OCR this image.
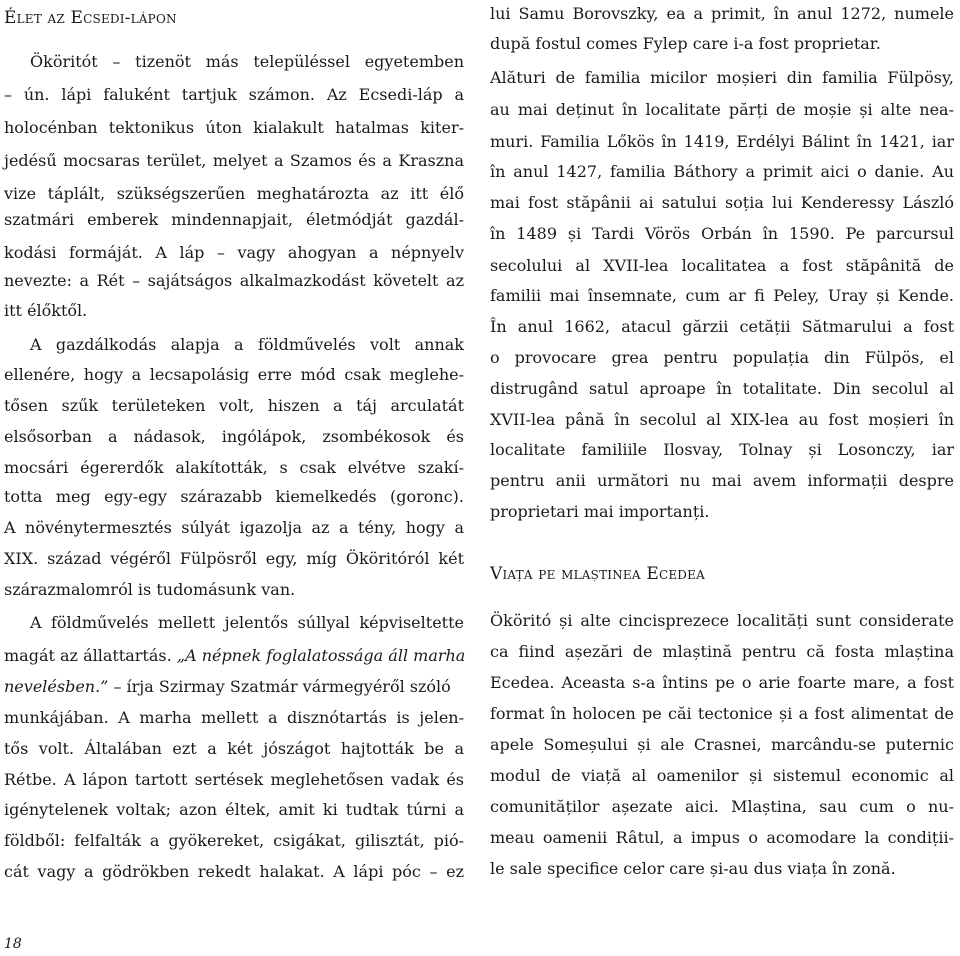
Élet az Ecsedi-lápon
Ököritót – tizenöt más településsel egyetemben
– ún. lápi faluként tartjuk számon. Az Ecsedi-láp a
holocénban tektonikus úton kialakult hatalmas kiter-
jedésű mocsaras terület, melyet a Szamos és a Kraszna
vize táplált, szükségszerűen meghatározta az itt élő
szatmári emberek mindennapjait, életmódját gazdál-
kodási formáját. A láp – vagy ahogyan a népnyelv
nevezte: a Rét – sajátságos alkalmazkodást követelt az
itt élőktől.
A gazdálkodás alapja a földművelés volt annak
ellenére, hogy a lecsapolásig erre mód csak meglehe-
tősen szűk területeken volt, hiszen a táj arculatát
elsősorban a nádasok, ingólápok, zsombékosok és
mocsári égererdők alakították, s csak elvétve szakí-
totta meg egy-egy szárazabb kiemelkedés (goronc).
A növénytermesztés súlyát igazolja az a tény, hogy a
XIX. század végéről Fülpösről egy, míg Ököritóról két
szárazmalomról is tudomásunk van.
A földművelés mellett jelentős súllyal képviseltette
magát az állattartás. „A népnek foglalatossága áll marha
nevelésben.” – írja Szirmay Szatmár vármegyéről szóló
munkájában. A marha mellett a disznótartás is jelen-
tős volt. Általában ezt a két jószágot hajtották be a
Rétbe. A lápon tartott sertések meglehetősen vadak és
igénytelenek voltak; azon éltek, amit ki tudtak túrni a
földből: felfalták a gyökereket, csigákat, gilisztát, pió-
cát vagy a gödrökben rekedt halakat. A lápi póc – ez
lui Samu Borovszky, ea a primit, în anul 1272, numele
după fostul comes Fylep care i-a fost proprietar.
Alături de familia micilor moșieri din familia Fülpösy,
au mai deținut în localitate părți de moșie și alte nea-
muri. Familia Lőkös în 1419, Erdélyi Bálint în 1421, iar
în anul 1427, familia Báthory a primit aici o danie. Au
mai fost stăpânii ai satului soția lui Kenderessy László
în 1489 și Tardi Vörös Orbán în 1590. Pe parcursul
secolului al XVII-lea localitatea a fost stăpânită de
familii mai însemnate, cum ar fi Peley, Uray și Kende.
În anul 1662, atacul gărzii cetății Sătmarului a fost
o provocare grea pentru populația din Fülpös, el
distrugând satul aproape în totalitate. Din secolul al
XVII-lea până în secolul al XIX-lea au fost moșieri în
localitate familiile Ilosvay, Tolnay și Losonczy, iar
pentru anii următori nu mai avem informații despre
proprietari mai importanți.
Viața pe mlaștinea Ecedea
Ököritó și alte cincisprezece localități sunt considerate
ca fiind așezări de mlaștină pentru că fosta mlaștina
Ecedea. Aceasta s-a întins pe o arie foarte mare, a fost
format în holocen pe căi tectonice și a fost alimentat de
apele Someșului și ale Crasnei, marcându-se puternic
modul de viață al oamenilor și sistemul economic al
comunităților așezate aici. Mlaștina, sau cum o nu-
meau oamenii Râtul, a impus o acomodare la condiții-
le sale specifice celor care și-au dus viața în zonă.
18
